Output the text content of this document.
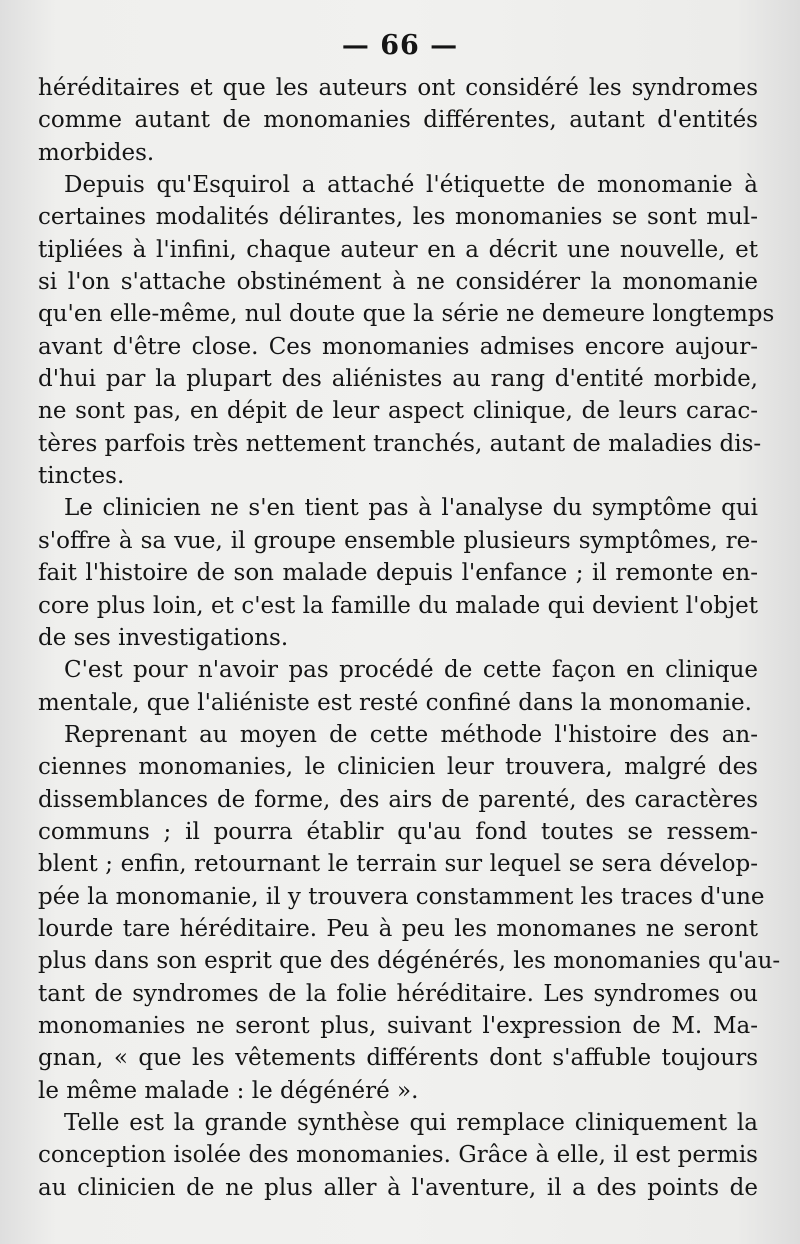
— 66 —
héréditaires et que les auteurs ont considéré les syndromes
comme autant de monomanies différentes, autant d'entités
morbides.
Depuis qu'Esquirol a attaché l'étiquette de monomanie à
certaines modalités délirantes, les monomanies se sont mul-
tipliées à l'infini, chaque auteur en a décrit une nouvelle, et
si l'on s'attache obstinément à ne considérer la monomanie
qu'en elle-même, nul doute que la série ne demeure longtemps
avant d'être close. Ces monomanies admises encore aujour-
d'hui par la plupart des aliénistes au rang d'entité morbide,
ne sont pas, en dépit de leur aspect clinique, de leurs carac-
tères parfois très nettement tranchés, autant de maladies dis-
tinctes.
Le clinicien ne s'en tient pas à l'analyse du symptôme qui
s'offre à sa vue, il groupe ensemble plusieurs symptômes, re-
fait l'histoire de son malade depuis l'enfance ; il remonte en-
core plus loin, et c'est la famille du malade qui devient l'objet
de ses investigations.
C'est pour n'avoir pas procédé de cette façon en clinique
mentale, que l'aliéniste est resté confiné dans la monomanie.
Reprenant au moyen de cette méthode l'histoire des an-
ciennes monomanies, le clinicien leur trouvera, malgré des
dissemblances de forme, des airs de parenté, des caractères
communs ; il pourra établir qu'au fond toutes se ressem-
blent ; enfin, retournant le terrain sur lequel se sera dévelop-
pée la monomanie, il y trouvera constamment les traces d'une
lourde tare héréditaire. Peu à peu les monomanes ne seront
plus dans son esprit que des dégénérés, les monomanies qu'au-
tant de syndromes de la folie héréditaire. Les syndromes ou
monomanies ne seront plus, suivant l'expression de M. Ma-
gnan, « que les vêtements différents dont s'affuble toujours
le même malade : le dégénéré ».
Telle est la grande synthèse qui remplace cliniquement la
conception isolée des monomanies. Grâce à elle, il est permis
au clinicien de ne plus aller à l'aventure, il a des points de
